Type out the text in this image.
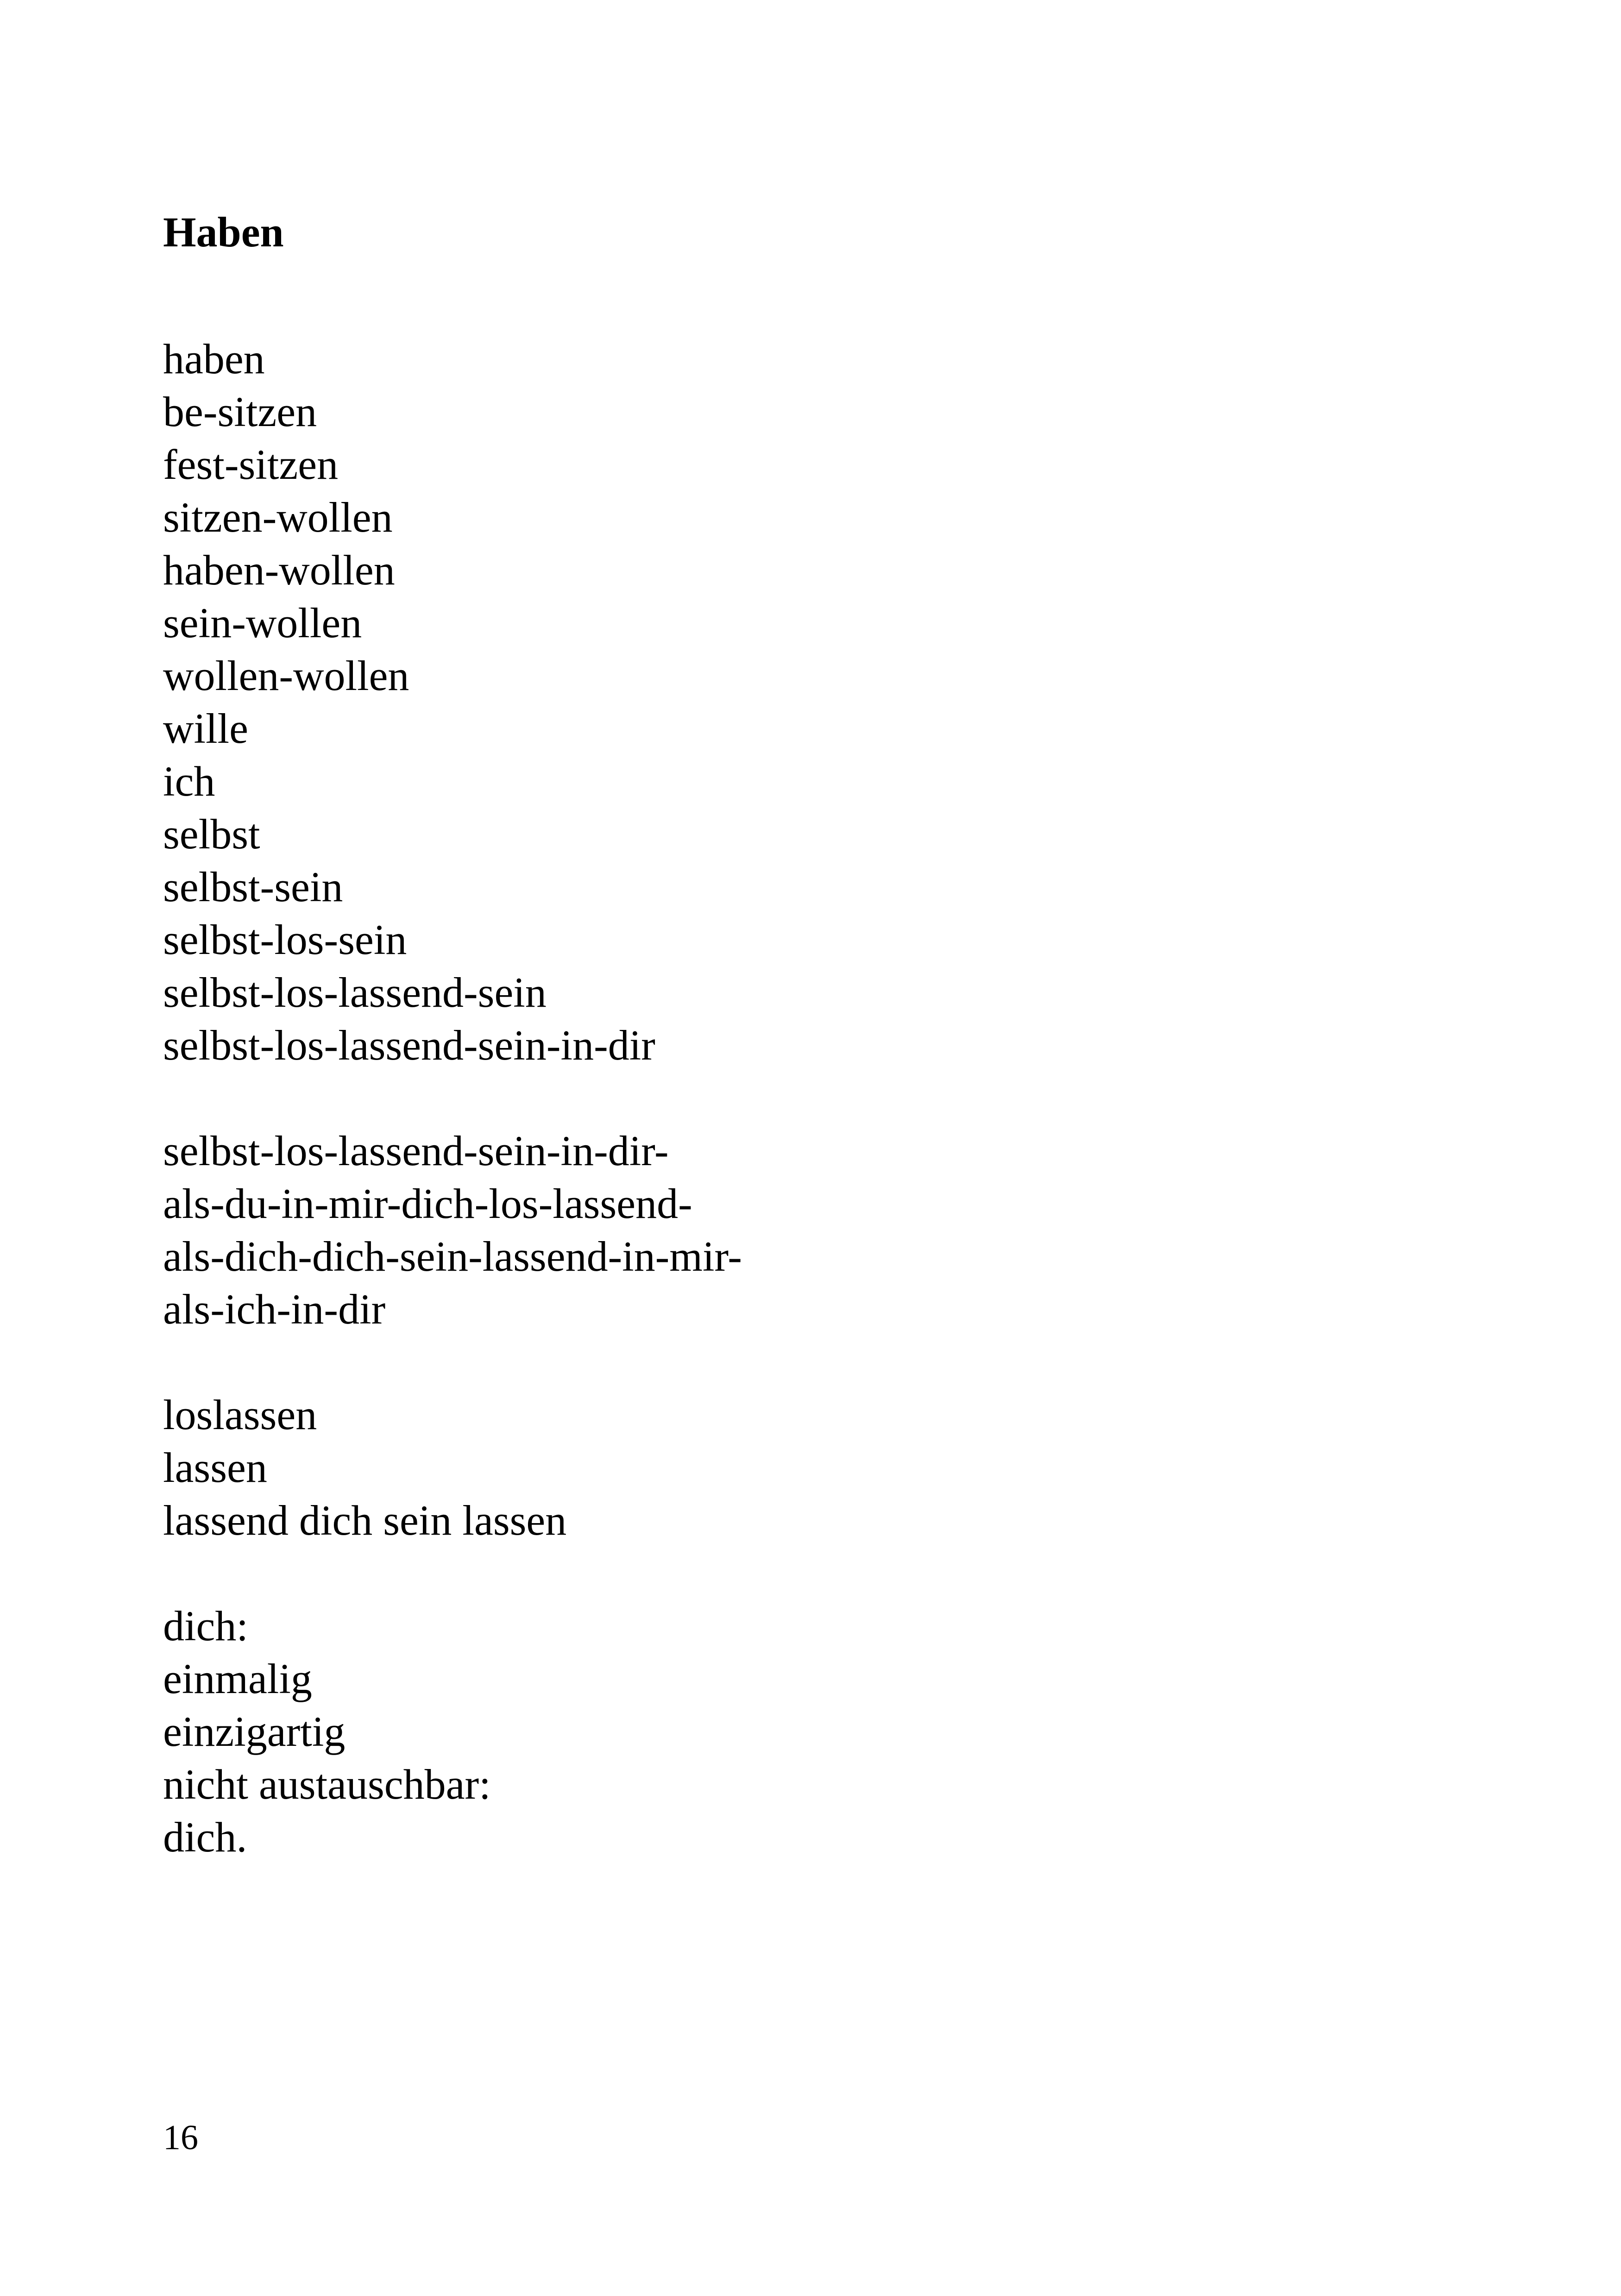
Haben
haben
be-sitzen
fest-sitzen
sitzen-wollen
haben-wollen
sein-wollen
wollen-wollen
wille
ich
selbst
selbst-sein
selbst-los-sein
selbst-los-lassend-sein
selbst-los-lassend-sein-in-dir
selbst-los-lassend-sein-in-dir-
als-du-in-mir-dich-los-lassend-
als-dich-dich-sein-lassend-in-mir-
als-ich-in-dir
loslassen
lassen
lassend dich sein lassen
dich:
einmalig
einzigartig
nicht austauschbar:
dich.
16
